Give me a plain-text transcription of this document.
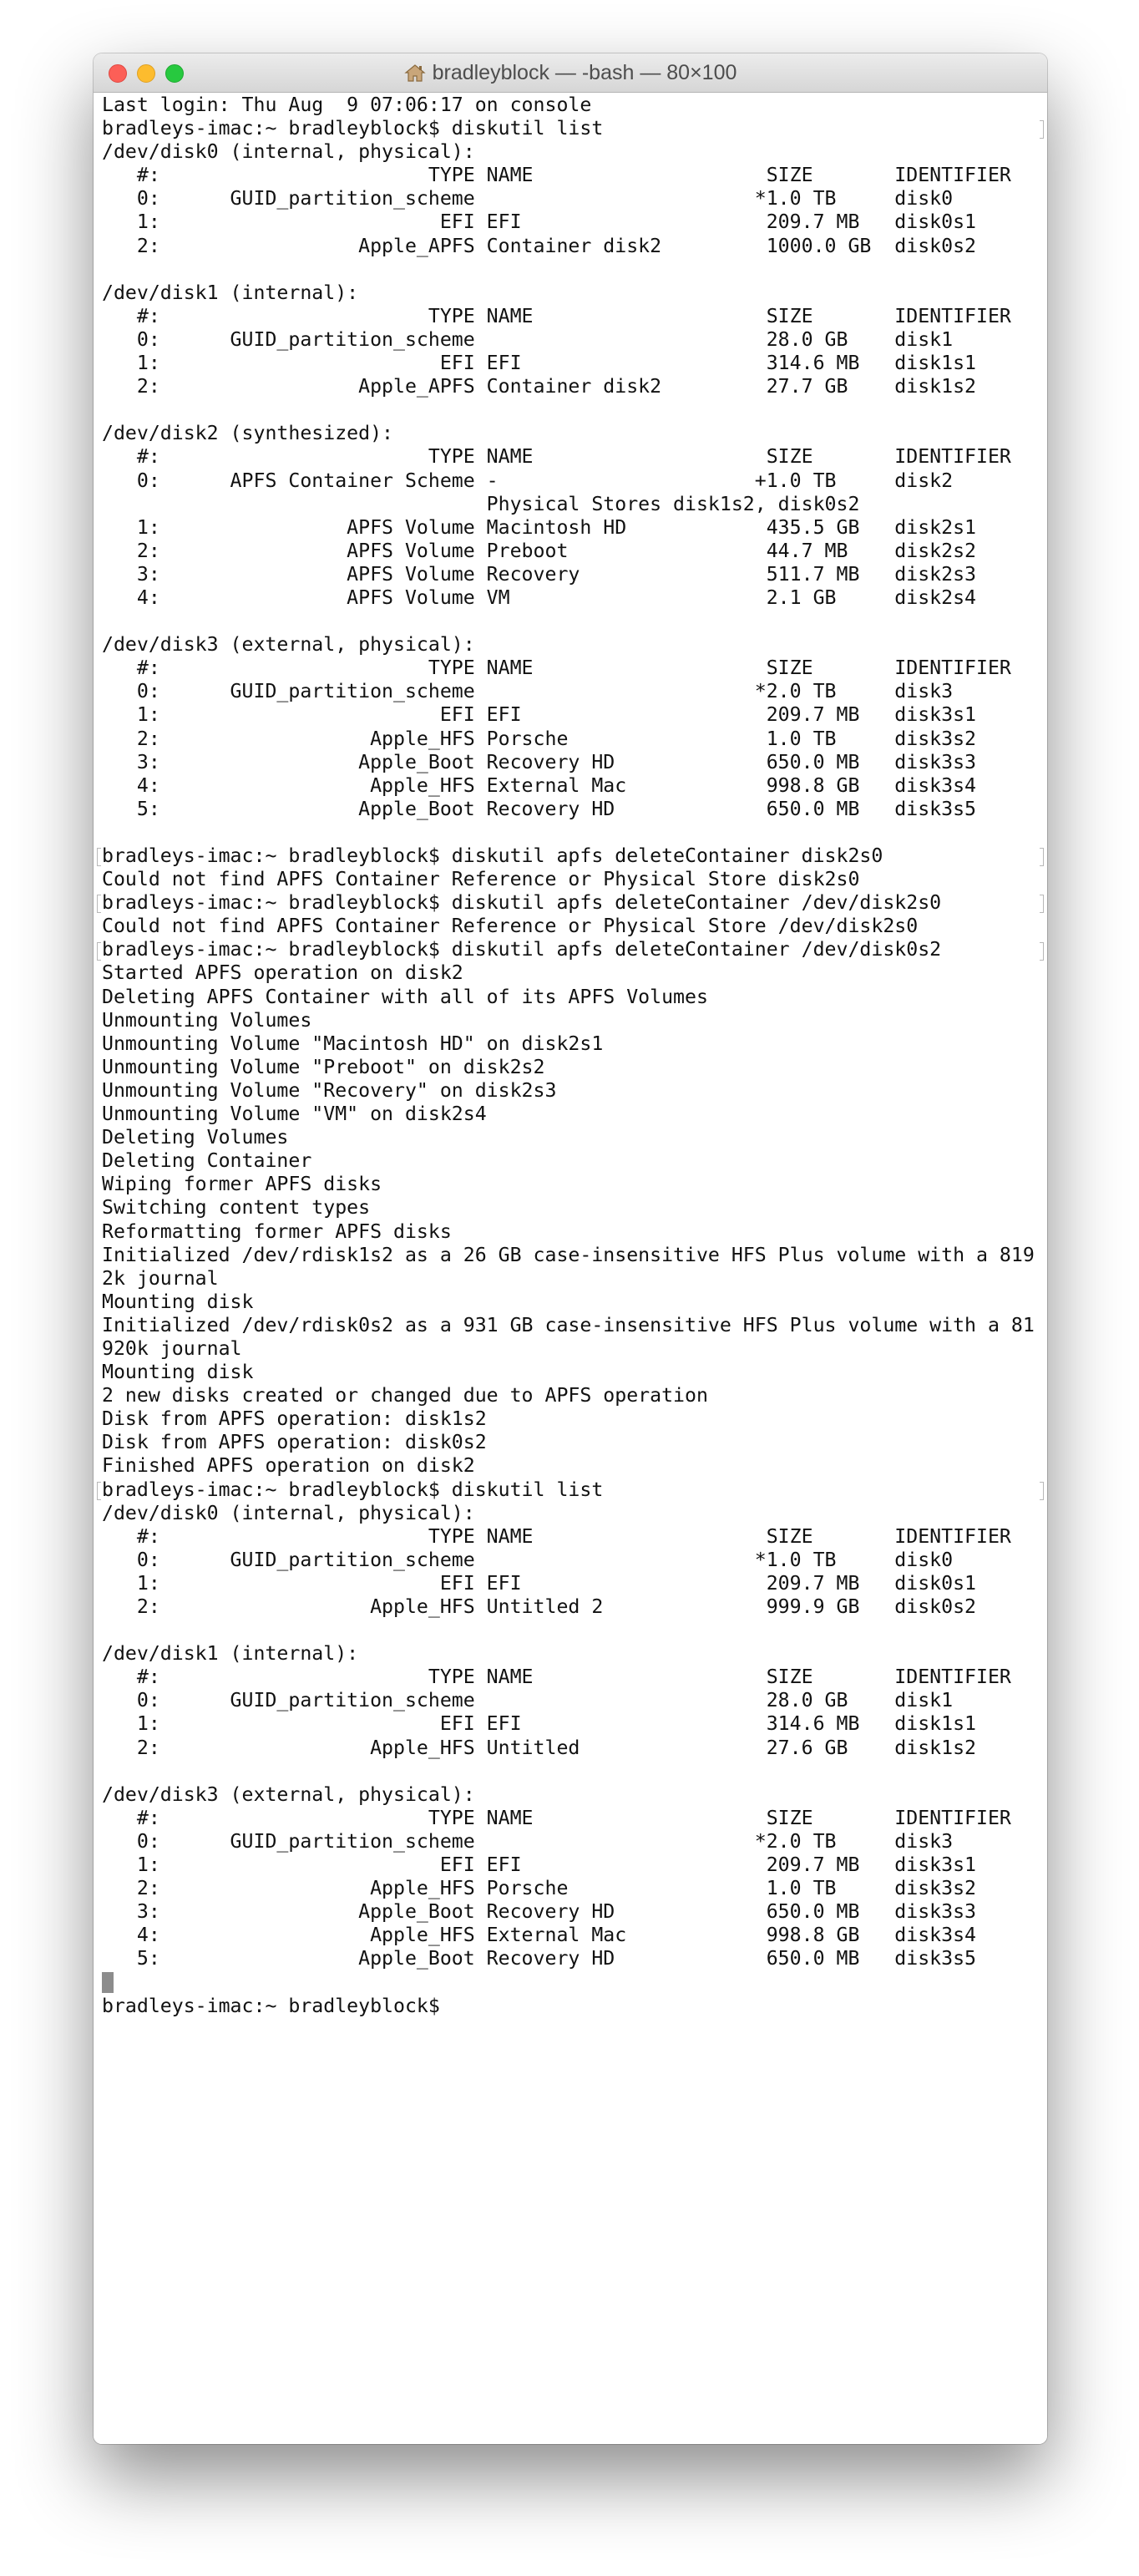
bradleyblock — -bash — 80×100
Last login: Thu Aug  9 07:06:17 on console
bradleys-imac:~ bradleyblock$ diskutil list
/dev/disk0 (internal, physical):
#:                       TYPE NAME                    SIZE       IDENTIFIER
0:      GUID_partition_scheme                        *1.0 TB     disk0
1:                        EFI EFI                     209.7 MB   disk0s1
2:                 Apple_APFS Container disk2         1000.0 GB  disk0s2
/dev/disk1 (internal):
#:                       TYPE NAME                    SIZE       IDENTIFIER
0:      GUID_partition_scheme                         28.0 GB    disk1
1:                        EFI EFI                     314.6 MB   disk1s1
2:                 Apple_APFS Container disk2         27.7 GB    disk1s2
/dev/disk2 (synthesized):
#:                       TYPE NAME                    SIZE       IDENTIFIER
0:      APFS Container Scheme -                      +1.0 TB     disk2
Physical Stores disk1s2, disk0s2
1:                APFS Volume Macintosh HD            435.5 GB   disk2s1
2:                APFS Volume Preboot                 44.7 MB    disk2s2
3:                APFS Volume Recovery                511.7 MB   disk2s3
4:                APFS Volume VM                      2.1 GB     disk2s4
/dev/disk3 (external, physical):
#:                       TYPE NAME                    SIZE       IDENTIFIER
0:      GUID_partition_scheme                        *2.0 TB     disk3
1:                        EFI EFI                     209.7 MB   disk3s1
2:                  Apple_HFS Porsche                 1.0 TB     disk3s2
3:                 Apple_Boot Recovery HD             650.0 MB   disk3s3
4:                  Apple_HFS External Mac            998.8 GB   disk3s4
5:                 Apple_Boot Recovery HD             650.0 MB   disk3s5
bradleys-imac:~ bradleyblock$ diskutil apfs deleteContainer disk2s0
Could not find APFS Container Reference or Physical Store disk2s0
bradleys-imac:~ bradleyblock$ diskutil apfs deleteContainer /dev/disk2s0
Could not find APFS Container Reference or Physical Store /dev/disk2s0
bradleys-imac:~ bradleyblock$ diskutil apfs deleteContainer /dev/disk0s2
Started APFS operation on disk2
Deleting APFS Container with all of its APFS Volumes
Unmounting Volumes
Unmounting Volume "Macintosh HD" on disk2s1
Unmounting Volume "Preboot" on disk2s2
Unmounting Volume "Recovery" on disk2s3
Unmounting Volume "VM" on disk2s4
Deleting Volumes
Deleting Container
Wiping former APFS disks
Switching content types
Reformatting former APFS disks
Initialized /dev/rdisk1s2 as a 26 GB case-insensitive HFS Plus volume with a 819
2k journal
Mounting disk
Initialized /dev/rdisk0s2 as a 931 GB case-insensitive HFS Plus volume with a 81
920k journal
Mounting disk
2 new disks created or changed due to APFS operation
Disk from APFS operation: disk1s2
Disk from APFS operation: disk0s2
Finished APFS operation on disk2
bradleys-imac:~ bradleyblock$ diskutil list
/dev/disk0 (internal, physical):
#:                       TYPE NAME                    SIZE       IDENTIFIER
0:      GUID_partition_scheme                        *1.0 TB     disk0
1:                        EFI EFI                     209.7 MB   disk0s1
2:                  Apple_HFS Untitled 2              999.9 GB   disk0s2
/dev/disk1 (internal):
#:                       TYPE NAME                    SIZE       IDENTIFIER
0:      GUID_partition_scheme                         28.0 GB    disk1
1:                        EFI EFI                     314.6 MB   disk1s1
2:                  Apple_HFS Untitled                27.6 GB    disk1s2
/dev/disk3 (external, physical):
#:                       TYPE NAME                    SIZE       IDENTIFIER
0:      GUID_partition_scheme                        *2.0 TB     disk3
1:                        EFI EFI                     209.7 MB   disk3s1
2:                  Apple_HFS Porsche                 1.0 TB     disk3s2
3:                 Apple_Boot Recovery HD             650.0 MB   disk3s3
4:                  Apple_HFS External Mac            998.8 GB   disk3s4
5:                 Apple_Boot Recovery HD             650.0 MB   disk3s5
bradleys-imac:~ bradleyblock$
